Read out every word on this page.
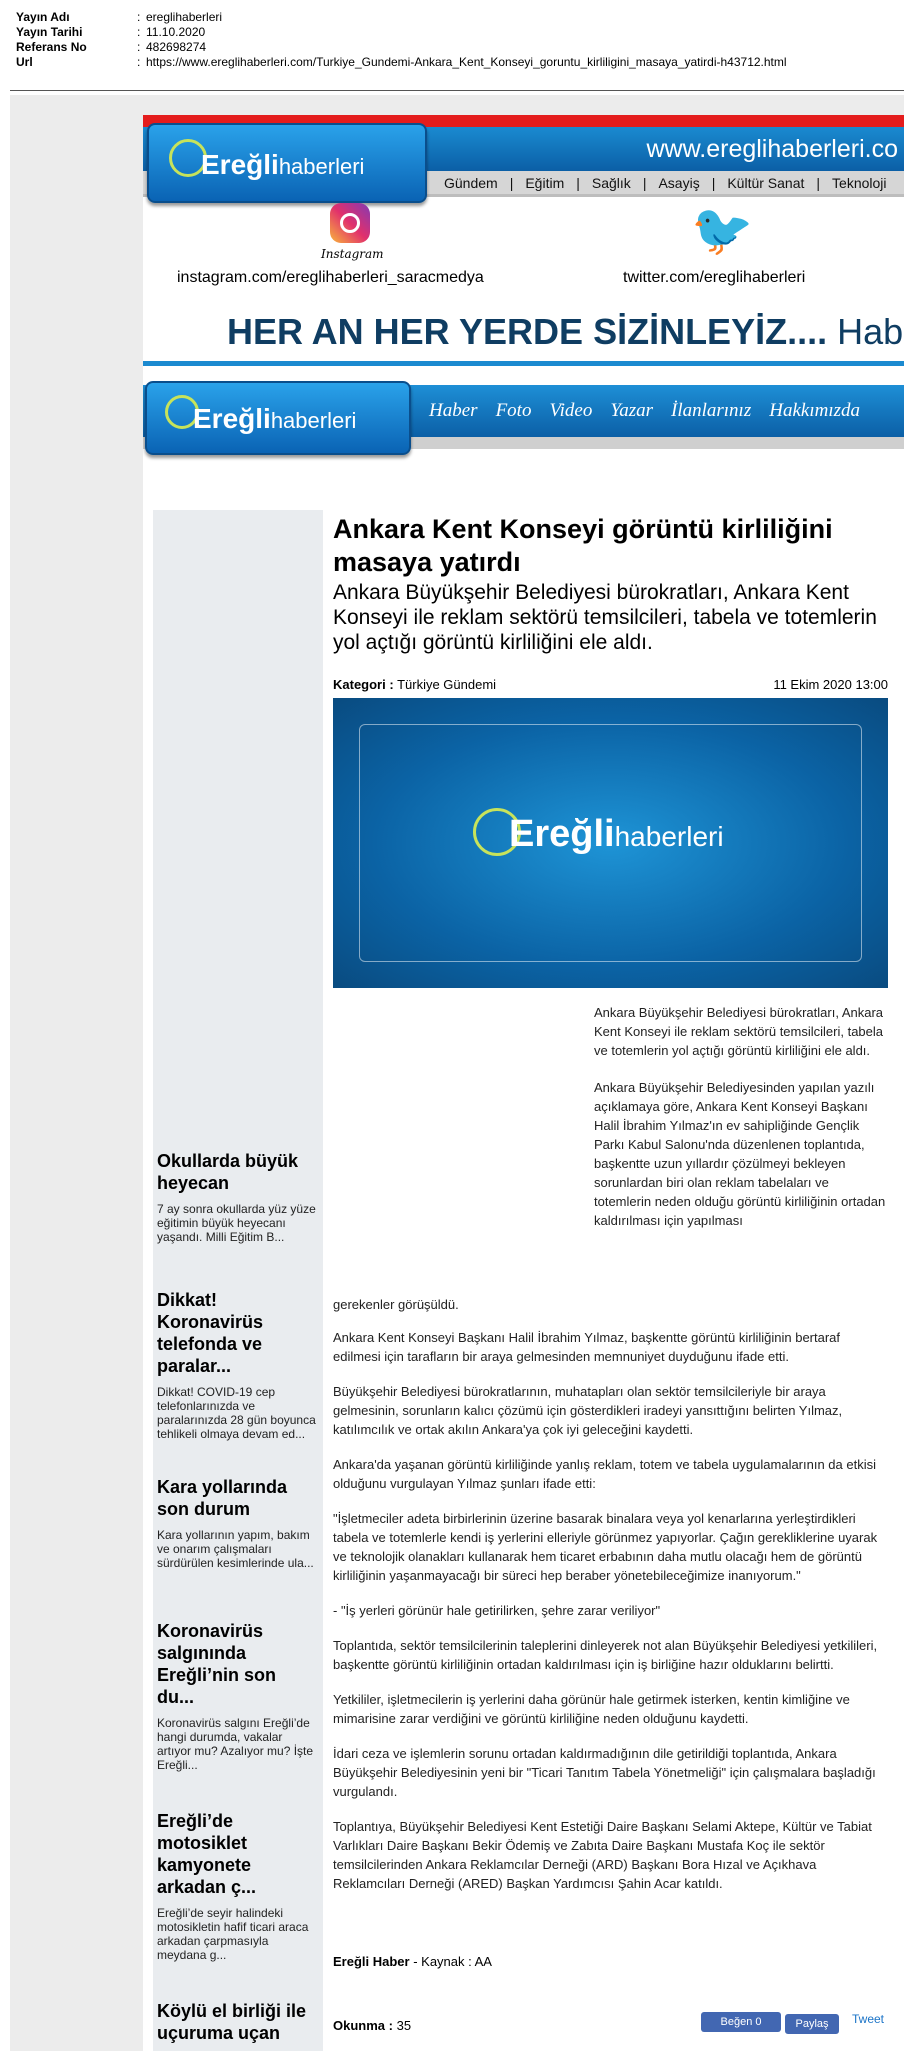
Yayın Adı	: ereglihaberleri
Yayın Tarihi	: 11.10.2020
Referans No	: 482698274
Url	: https://www.ereglihaberleri.com/Turkiye_Gundemi-Ankara_Kent_Konseyi_goruntu_kirliligini_masaya_yatirdi-h43712.html
www.ereglihaberleri.co
Gündem | Eğitim | Sağlık | Asayiş | Kültür Sanat | Teknoloji
Ereğlihaberleri
Instagram
instagram.com/ereglihaberleri_saracmedya
🐦
twitter.com/ereglihaberleri
HER AN HER YERDE SİZİNLEYİZ.... Hab
Haber Foto Video Yazar İlanlarınız Hakkımızda
Ereğlihaberleri
Okullarda büyük heyecan

7 ay sonra okullarda yüz yüze eğitimin büyük heyecanı yaşandı. Milli Eğitim B...

Dikkat! Koronavirüs telefonda ve paralar...

Dikkat! COVID-19 cep telefonlarınızda ve paralarınızda 28 gün boyunca tehlikeli olmaya devam ed...

Kara yollarında son durum

Kara yollarının yapım, bakım ve onarım çalışmaları sürdürülen kesimlerinde ula...

Koronavirüs salgınında Ereğli’nin son du...

Koronavirüs salgını Ereğli’de hangi durumda, vakalar artıyor mu? Azalıyor mu? İşte Ereğli...

Ereğli’de motosiklet kamyonete arkadan ç...

Ereğli’de seyir halindeki motosikletin hafif ticari araca arkadan çarpmasıyla meydana g...

Köylü el birliği ile uçuruma uçan
Ankara Kent Konseyi görüntü kirliliğini masaya yatırdı
Ankara Büyükşehir Belediyesi bürokratları, Ankara Kent Konseyi ile reklam sektörü temsilcileri, tabela ve totemlerin yol açtığı görüntü kirliliğini ele aldı.
Kategori : Türkiye Gündemi	11 Ekim 2020 13:00
Ereğlihaberleri

Ankara Büyükşehir Belediyesi bürokratları, Ankara Kent Konseyi ile reklam sektörü temsilcileri, tabela ve totemlerin yol açtığı görüntü kirliliğini ele aldı.

Ankara Büyükşehir Belediyesinden yapılan yazılı açıklamaya göre, Ankara Kent Konseyi Başkanı Halil İbrahim Yılmaz'ın ev sahipliğinde Gençlik Parkı Kabul Salonu'nda düzenlenen toplantıda, başkentte uzun yıllardır çözülmeyi bekleyen sorunlardan biri olan reklam tabelaları ve totemlerin neden olduğu görüntü kirliliğinin ortadan kaldırılması için yapılması

gerekenler görüşüldü.

Ankara Kent Konseyi Başkanı Halil İbrahim Yılmaz, başkentte görüntü kirliliğinin bertaraf edilmesi için tarafların bir araya gelmesinden memnuniyet duyduğunu ifade etti.

Büyükşehir Belediyesi bürokratlarının, muhatapları olan sektör temsilcileriyle bir araya gelmesinin, sorunların kalıcı çözümü için gösterdikleri iradeyi yansıttığını belirten Yılmaz, katılımcılık ve ortak akılın Ankara'ya çok iyi geleceğini kaydetti.

Ankara'da yaşanan görüntü kirliliğinde yanlış reklam, totem ve tabela uygulamalarının da etkisi olduğunu vurgulayan Yılmaz şunları ifade etti:

"İşletmeciler adeta birbirlerinin üzerine basarak binalara veya yol kenarlarına yerleştirdikleri tabela ve totemlerle kendi iş yerlerini elleriyle görünmez yapıyorlar. Çağın gerekliklerine uyarak ve teknolojik olanakları kullanarak hem ticaret erbabının daha mutlu olacağı hem de görüntü kirliliğinin yaşanmayacağı bir süreci hep beraber yönetebileceğimize inanıyorum."

- "İş yerleri görünür hale getirilirken, şehre zarar veriliyor"

Toplantıda, sektör temsilcilerinin taleplerini dinleyerek not alan Büyükşehir Belediyesi yetkilileri, başkentte görüntü kirliliğinin ortadan kaldırılması için iş birliğine hazır olduklarını belirtti.

Yetkililer, işletmecilerin iş yerlerini daha görünür hale getirmek isterken, kentin kimliğine ve mimarisine zarar verdiğini ve görüntü kirliliğine neden olduğunu kaydetti.

İdari ceza ve işlemlerin sorunu ortadan kaldırmadığının dile getirildiği toplantıda, Ankara Büyükşehir Belediyesinin yeni bir "Ticari Tanıtım Tabela Yönetmeliği" için çalışmalara başladığı vurgulandı.

Toplantıya, Büyükşehir Belediyesi Kent Estetiği Daire Başkanı Selami Aktepe, Kültür ve Tabiat Varlıkları Daire Başkanı Bekir Ödemiş ve Zabıta Daire Başkanı Mustafa Koç ile sektör temsilcilerinden Ankara Reklamcılar Derneği (ARD) Başkanı Bora Hızal ve Açıkhava Reklamcıları Derneği (ARED) Başkan Yardımcısı Şahin Acar katıldı.

Ereğli Haber - Kaynak : AA
Okunma : 35	Beğen 0	Paylaş	Tweet
